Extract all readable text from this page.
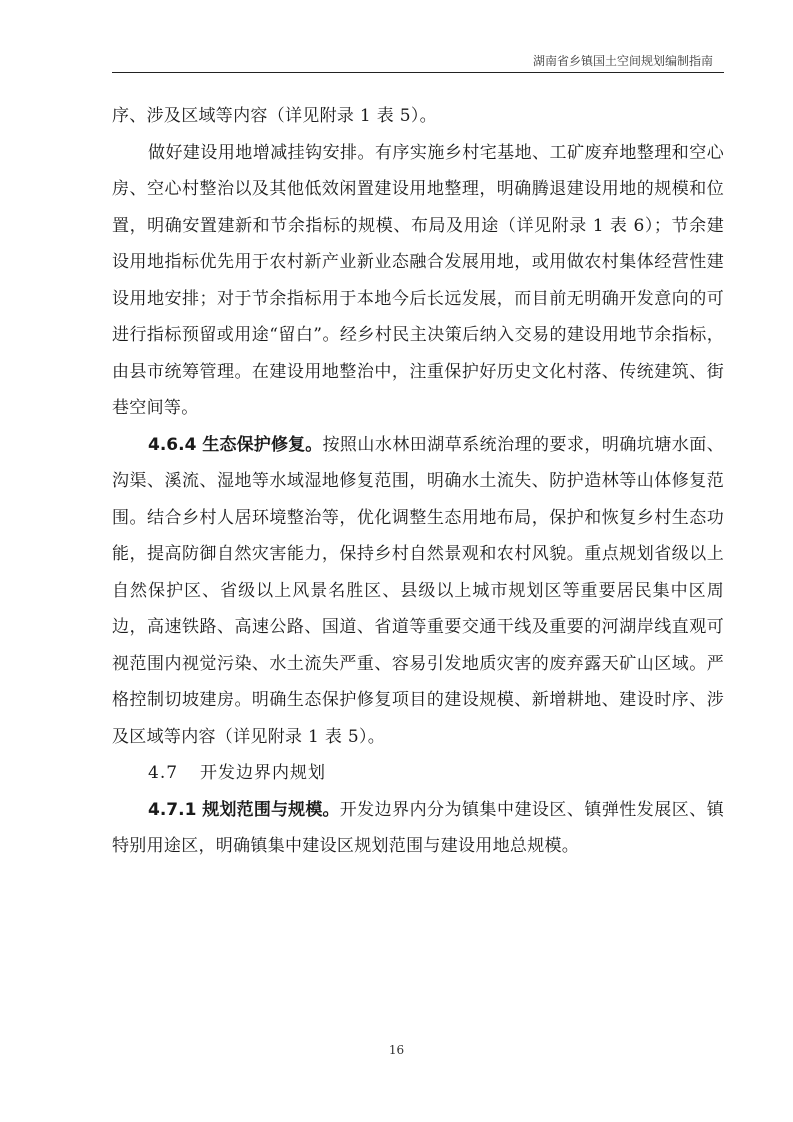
湖南省乡镇国土空间规划编制指南

序、涉及区域等内容（详见附录 1 表 5）。

做好建设用地增减挂钩安排。有序实施乡村宅基地、工矿废弃地整理和空心房、空心村整治以及其他低效闲置建设用地整理，明确腾退建设用地的规模和位置，明确安置建新和节余指标的规模、布局及用途（详见附录 1 表 6）；节余建设用地指标优先用于农村新产业新业态融合发展用地，或用做农村集体经营性建设用地安排；对于节余指标用于本地今后长远发展，而目前无明确开发意向的可进行指标预留或用途“留白”。经乡村民主决策后纳入交易的建设用地节余指标，由县市统筹管理。在建设用地整治中，注重保护好历史文化村落、传统建筑、街巷空间等。

4.6.4 生态保护修复。按照山水林田湖草系统治理的要求，明确坑塘水面、沟渠、溪流、湿地等水域湿地修复范围，明确水土流失、防护造林等山体修复范围。结合乡村人居环境整治等，优化调整生态用地布局，保护和恢复乡村生态功能，提高防御自然灾害能力，保持乡村自然景观和农村风貌。重点规划省级以上自然保护区、省级以上风景名胜区、县级以上城市规划区等重要居民集中区周边，高速铁路、高速公路、国道、省道等重要交通干线及重要的河湖岸线直观可视范围内视觉污染、水土流失严重、容易引发地质灾害的废弃露天矿山区域。严格控制切坡建房。明确生态保护修复项目的建设规模、新增耕地、建设时序、涉及区域等内容（详见附录 1 表 5）。

4.7 开发边界内规划

4.7.1 规划范围与规模。开发边界内分为镇集中建设区、镇弹性发展区、镇特别用途区，明确镇集中建设区规划范围与建设用地总规模。

16
